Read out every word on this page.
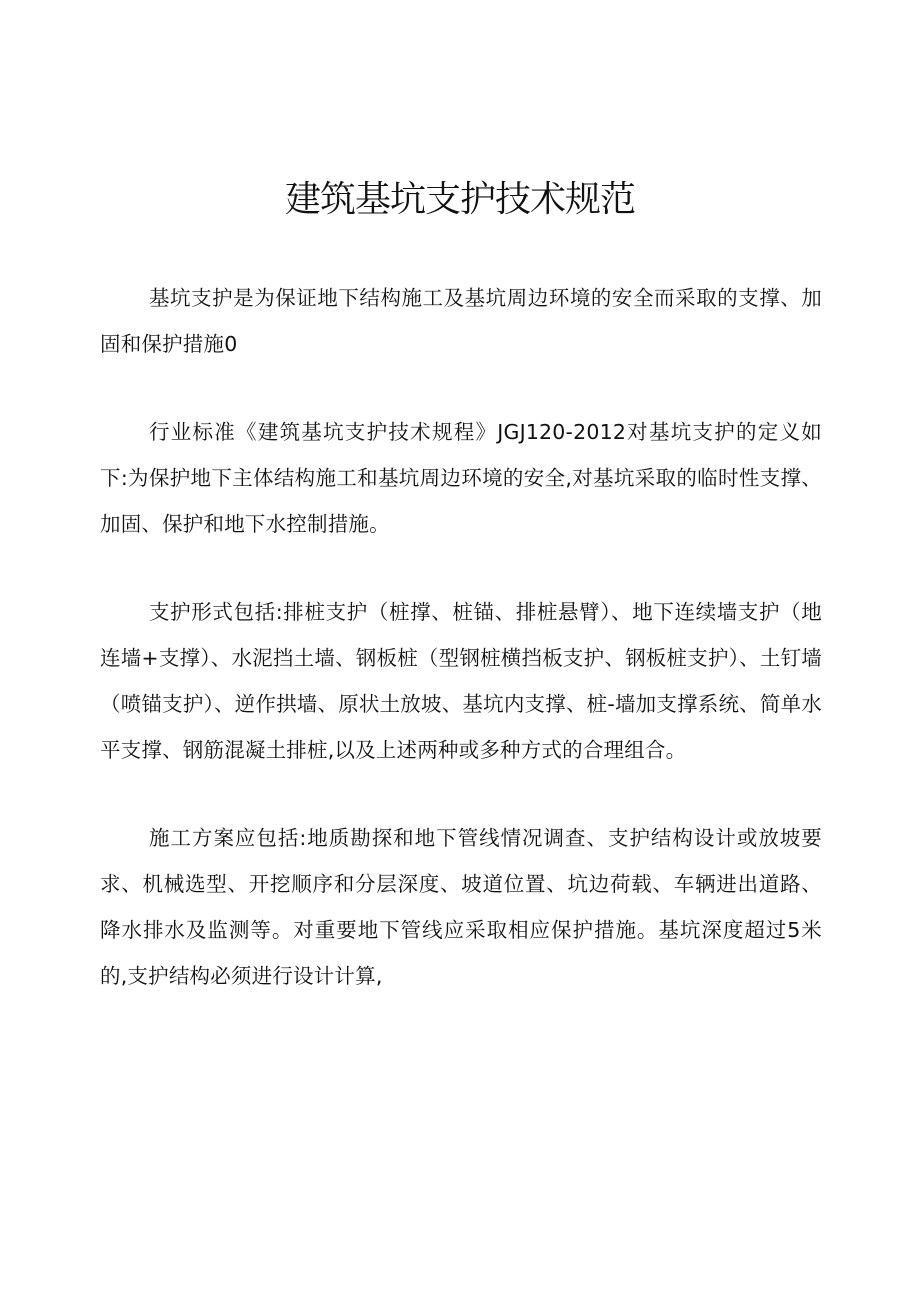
建筑基坑支护技术规范

基坑支护是为保证地下结构施工及基坑周边环境的安全而采取的支撑、加固和保护措施0

行业标准《建筑基坑支护技术规程》JGJ120-2012对基坑支护的定义如下:为保护地下主体结构施工和基坑周边环境的安全,对基坑采取的临时性支撑、加固、保护和地下水控制措施。

支护形式包括:排桩支护（桩撑、桩锚、排桩悬臂）、地下连续墙支护（地连墙+支撑）、水泥挡土墙、钢板桩（型钢桩横挡板支护、钢板桩支护）、土钉墙（喷锚支护）、逆作拱墙、原状土放坡、基坑内支撑、桩-墙加支撑系统、简单水平支撑、钢筋混凝土排桩,以及上述两种或多种方式的合理组合。

施工方案应包括:地质勘探和地下管线情况调查、支护结构设计或放坡要求、机械选型、开挖顺序和分层深度、坡道位置、坑边荷载、车辆进出道路、降水排水及监测等。对重要地下管线应采取相应保护措施。基坑深度超过5米的,支护结构必须进行设计计算,
